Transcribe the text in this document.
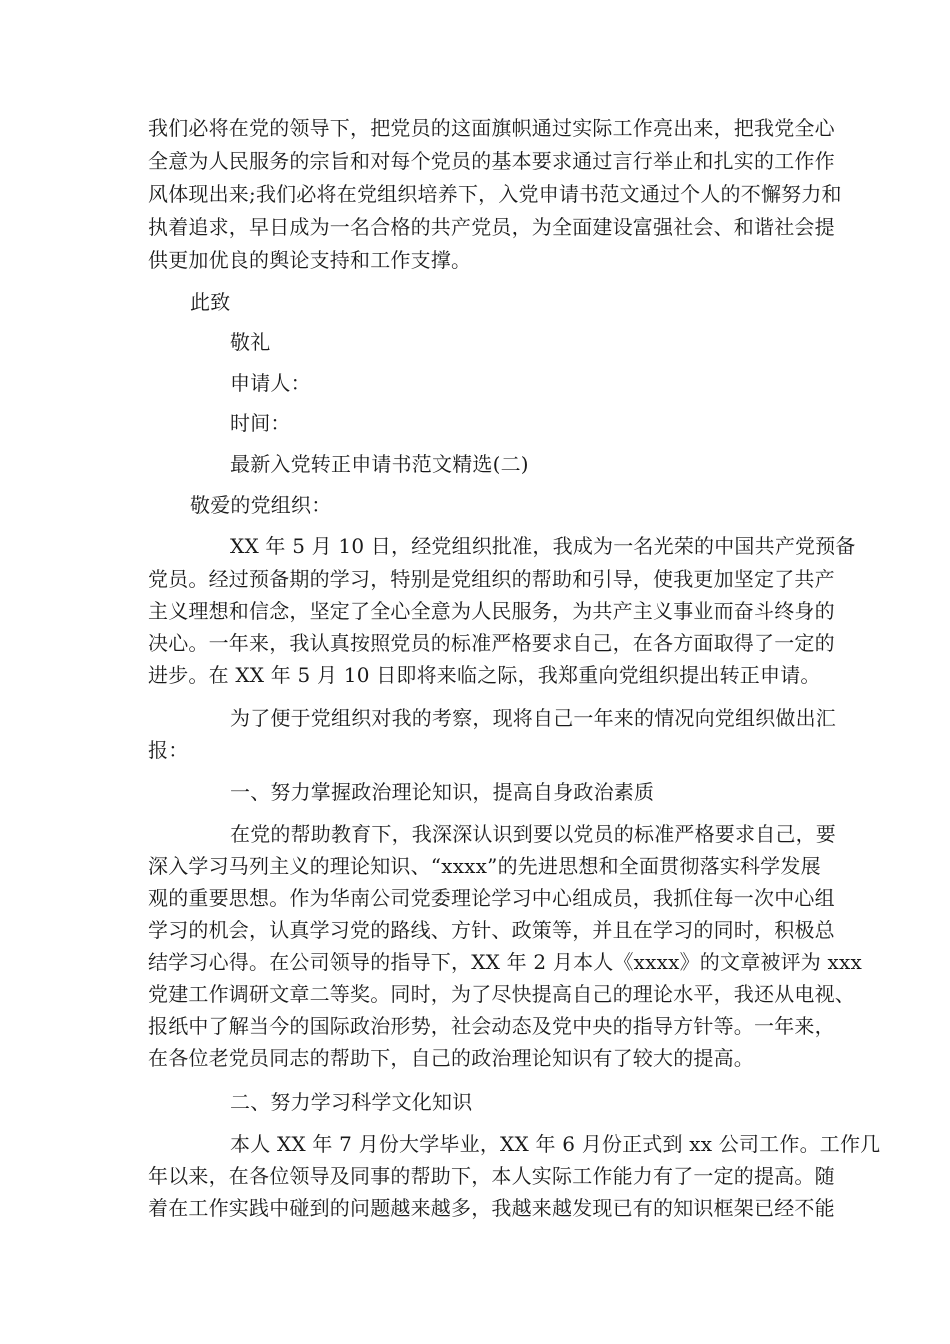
我们必将在党的领导下，把党员的这面旗帜通过实际工作亮出来，把我党全心
全意为人民服务的宗旨和对每个党员的基本要求通过言行举止和扎实的工作作
风体现出来;我们必将在党组织培养下，入党申请书范文通过个人的不懈努力和
执着追求，早日成为一名合格的共产党员，为全面建设富强社会、和谐社会提
供更加优良的舆论支持和工作支撑。
此致
敬礼
申请人：
时间：
最新入党转正申请书范文精选(二)
敬爱的党组织：
XX 年 5 月 10 日，经党组织批准，我成为一名光荣的中国共产党预备
党员。经过预备期的学习，特别是党组织的帮助和引导，使我更加坚定了共产
主义理想和信念，坚定了全心全意为人民服务，为共产主义事业而奋斗终身的
决心。一年来，我认真按照党员的标准严格要求自己，在各方面取得了一定的
进步。在 XX 年 5 月 10 日即将来临之际，我郑重向党组织提出转正申请。
为了便于党组织对我的考察，现将自己一年来的情况向党组织做出汇
报：
一、努力掌握政治理论知识，提高自身政治素质
在党的帮助教育下，我深深认识到要以党员的标准严格要求自己，要
深入学习马列主义的理论知识、“xxxx”的先进思想和全面贯彻落实科学发展
观的重要思想。作为华南公司党委理论学习中心组成员，我抓住每一次中心组
学习的机会，认真学习党的路线、方针、政策等，并且在学习的同时，积极总
结学习心得。在公司领导的指导下，XX 年 2 月本人《xxxx》的文章被评为 xxx
党建工作调研文章二等奖。同时，为了尽快提高自己的理论水平，我还从电视、
报纸中了解当今的国际政治形势，社会动态及党中央的指导方针等。一年来，
在各位老党员同志的帮助下，自己的政治理论知识有了较大的提高。
二、努力学习科学文化知识
本人 XX 年 7 月份大学毕业，XX 年 6 月份正式到 xx 公司工作。工作几
年以来，在各位领导及同事的帮助下，本人实际工作能力有了一定的提高。随
着在工作实践中碰到的问题越来越多，我越来越发现已有的知识框架已经不能
